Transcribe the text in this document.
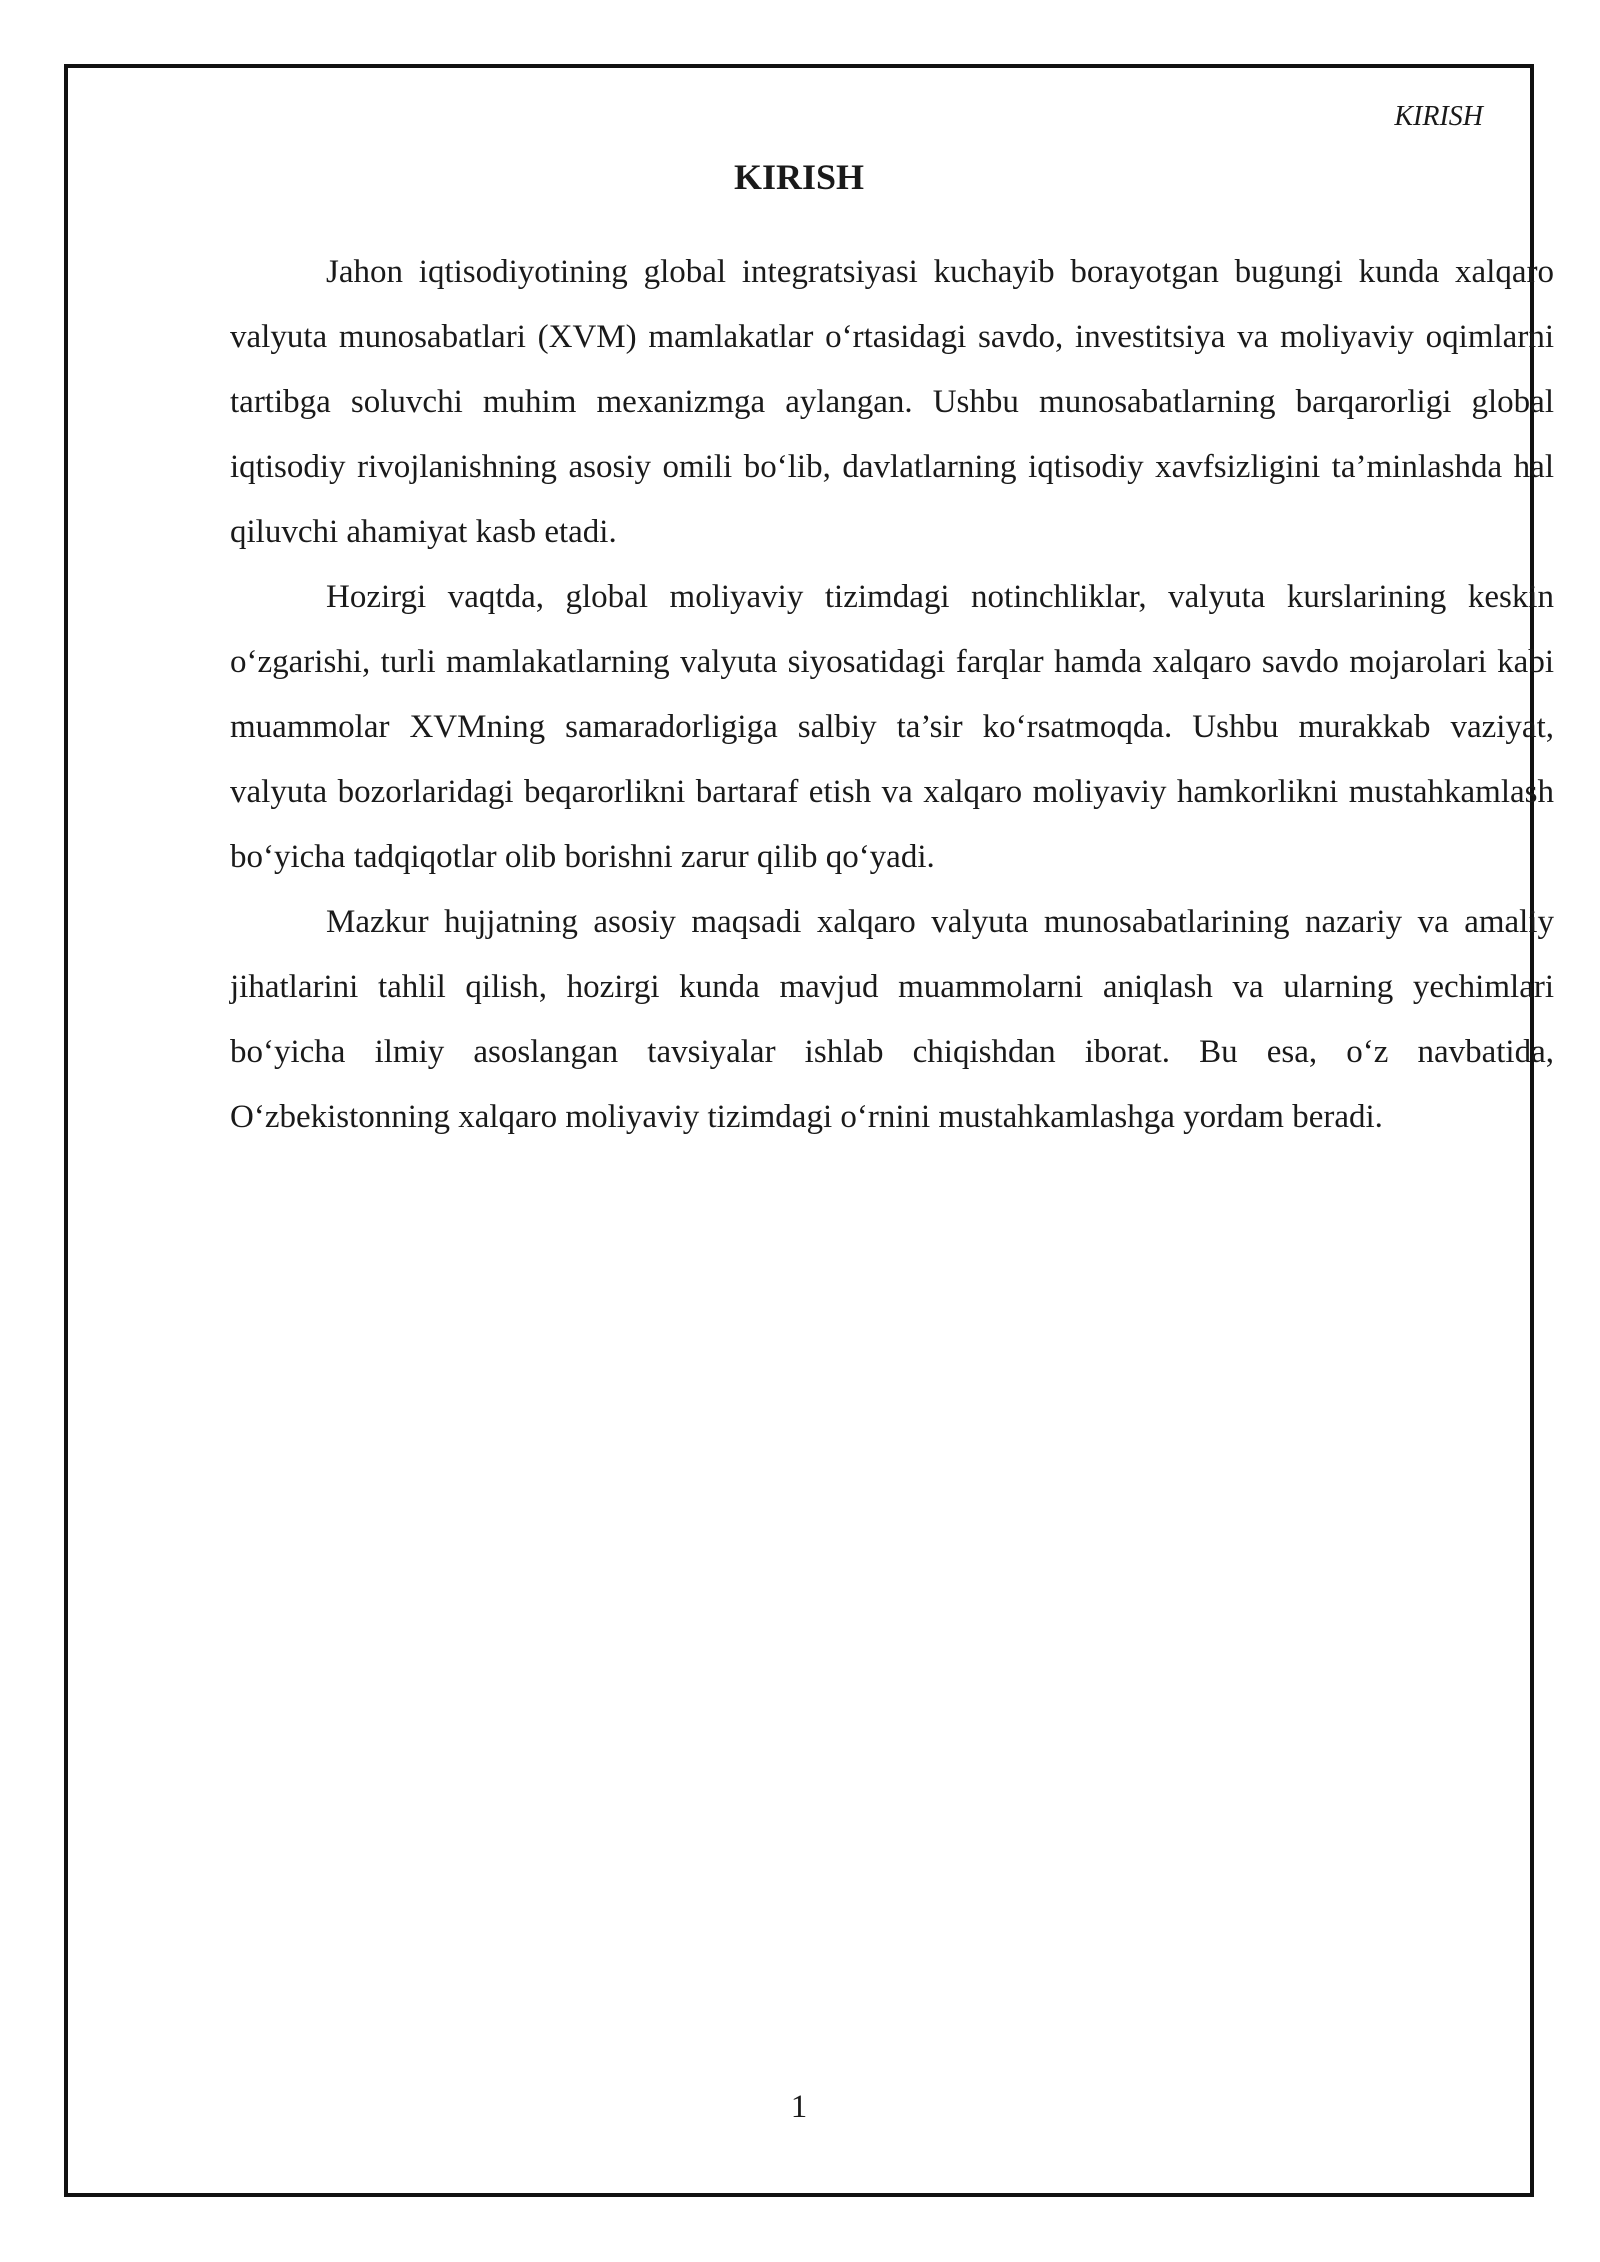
KIRISH
KIRISH

Jahon iqtisodiyotining global integratsiyasi kuchayib borayotgan bugungi kunda xalqaro valyuta munosabatlari (XVM) mamlakatlar o‘rtasidagi savdo, investitsiya va moliyaviy oqimlarni tartibga soluvchi muhim mexanizmga aylangan. Ushbu munosabatlarning barqarorligi global iqtisodiy rivojlanishning asosiy omili bo‘lib, davlatlarning iqtisodiy xavfsizligini ta’minlashda hal qiluvchi ahamiyat kasb etadi.

Hozirgi vaqtda, global moliyaviy tizimdagi notinchliklar, valyuta kurslarining keskin o‘zgarishi, turli mamlakatlarning valyuta siyosatidagi farqlar hamda xalqaro savdo mojarolari kabi muammolar XVMning samaradorligiga salbiy ta’sir ko‘rsatmoqda. Ushbu murakkab vaziyat, valyuta bozorlaridagi beqarorlikni bartaraf etish va xalqaro moliyaviy hamkorlikni mustahkamlash bo‘yicha tadqiqotlar olib borishni zarur qilib qo‘yadi.

Mazkur hujjatning asosiy maqsadi xalqaro valyuta munosabatlarining nazariy va amaliy jihatlarini tahlil qilish, hozirgi kunda mavjud muammolarni aniqlash va ularning yechimlari bo‘yicha ilmiy asoslangan tavsiyalar ishlab chiqishdan iborat. Bu esa, o‘z navbatida, O‘zbekistonning xalqaro moliyaviy tizimdagi o‘rnini mustahkamlashga yordam beradi.

1
